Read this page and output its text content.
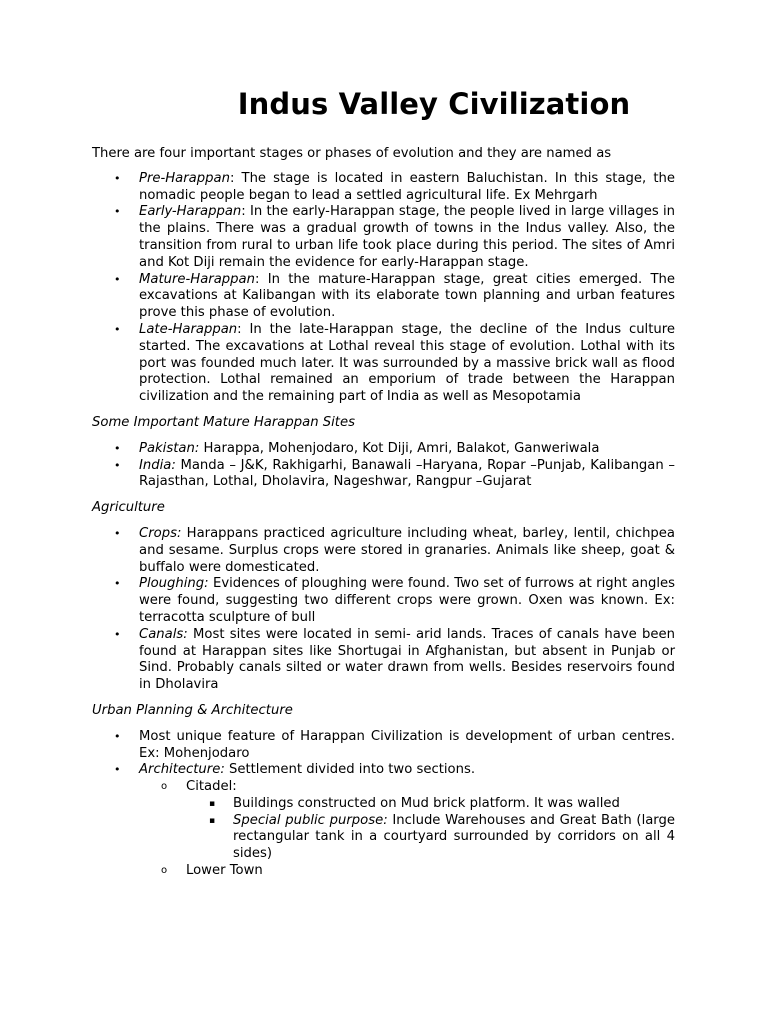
Indus Valley Civilization

There are four important stages or phases of evolution and they are named as

• Pre-Harappan: The stage is located in eastern Baluchistan. In this stage, the nomadic people began to lead a settled agricultural life. Ex Mehrgarh
• Early-Harappan: In the early-Harappan stage, the people lived in large villages in the plains. There was a gradual growth of towns in the Indus valley. Also, the transition from rural to urban life took place during this period. The sites of Amri and Kot Diji remain the evidence for early-Harappan stage.
• Mature-Harappan: In the mature-Harappan stage, great cities emerged. The excavations at Kalibangan with its elaborate town planning and urban features prove this phase of evolution.
• Late-Harappan: In the late-Harappan stage, the decline of the Indus culture started. The excavations at Lothal reveal this stage of evolution. Lothal with its port was founded much later. It was surrounded by a massive brick wall as flood protection. Lothal remained an emporium of trade between the Harappan civilization and the remaining part of India as well as Mesopotamia

Some Important Mature Harappan Sites

• Pakistan: Harappa, Mohenjodaro, Kot Diji, Amri, Balakot, Ganweriwala
• India: Manda – J&K, Rakhigarhi, Banawali –Haryana, Ropar –Punjab, Kalibangan –Rajasthan, Lothal, Dholavira, Nageshwar, Rangpur –Gujarat

Agriculture

• Crops: Harappans practiced agriculture including wheat, barley, lentil, chichpea and sesame. Surplus crops were stored in granaries. Animals like sheep, goat & buffalo were domesticated.
• Ploughing: Evidences of ploughing were found. Two set of furrows at right angles were found, suggesting two different crops were grown. Oxen was known. Ex: terracotta sculpture of bull
• Canals: Most sites were located in semi- arid lands. Traces of canals have been found at Harappan sites like Shortugai in Afghanistan, but absent in Punjab or Sind. Probably canals silted or water drawn from wells. Besides reservoirs found in Dholavira

Urban Planning & Architecture

• Most unique feature of Harappan Civilization is development of urban centres. Ex: Mohenjodaro
• Architecture: Settlement divided into two sections.
o Citadel:
▪ Buildings constructed on Mud brick platform. It was walled
▪ Special public purpose: Include Warehouses and Great Bath (large rectangular tank in a courtyard surrounded by corridors on all 4 sides)
o Lower Town
